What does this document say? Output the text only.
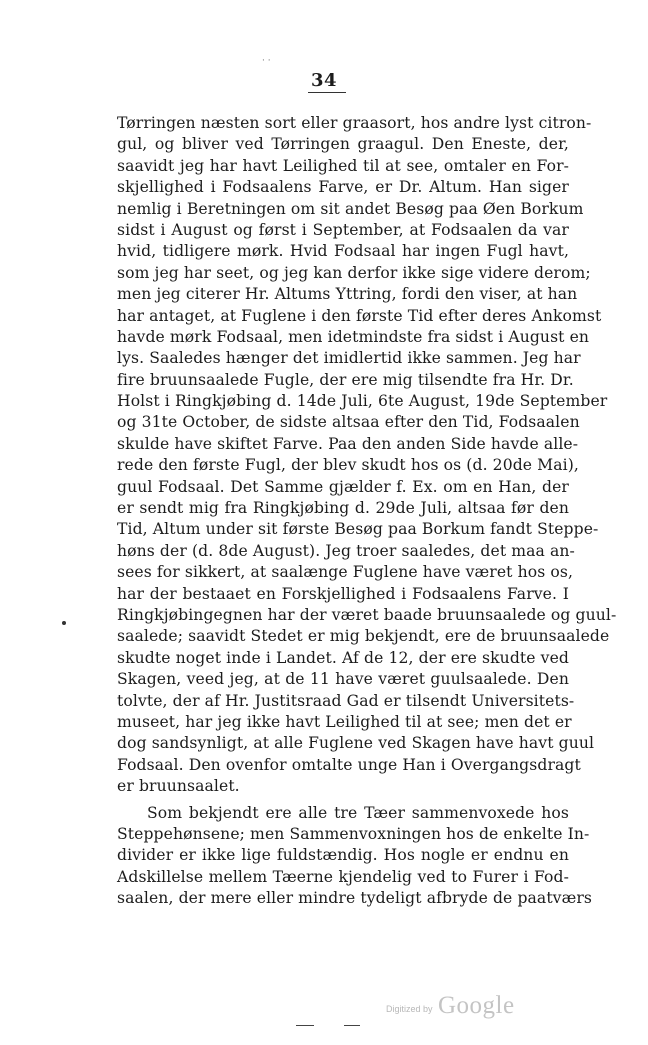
· ·
34
Tørringen næsten sort eller graasort, hos andre lyst citron-
gul, og bliver ved Tørringen graagul. Den Eneste, der,
saavidt jeg har havt Leilighed til at see, omtaler en For-
skjellighed i Fodsaalens Farve, er Dr. Altum. Han siger
nemlig i Beretningen om sit andet Besøg paa Øen Borkum
sidst i August og først i September, at Fodsaalen da var
hvid, tidligere mørk. Hvid Fodsaal har ingen Fugl havt,
som jeg har seet, og jeg kan derfor ikke sige videre derom;
men jeg citerer Hr. Altums Yttring, fordi den viser, at han
har antaget, at Fuglene i den første Tid efter deres Ankomst
havde mørk Fodsaal, men idetmindste fra sidst i August en
lys. Saaledes hænger det imidlertid ikke sammen. Jeg har
fire bruunsaalede Fugle, der ere mig tilsendte fra Hr. Dr.
Holst i Ringkjøbing d. 14de Juli, 6te August, 19de September
og 31te October, de sidste altsaa efter den Tid, Fodsaalen
skulde have skiftet Farve. Paa den anden Side havde alle-
rede den første Fugl, der blev skudt hos os (d. 20de Mai),
guul Fodsaal. Det Samme gjælder f. Ex. om en Han, der
er sendt mig fra Ringkjøbing d. 29de Juli, altsaa før den
Tid, Altum under sit første Besøg paa Borkum fandt Steppe-
høns der (d. 8de August). Jeg troer saaledes, det maa an-
sees for sikkert, at saalænge Fuglene have været hos os,
har der bestaaet en Forskjellighed i Fodsaalens Farve. I
Ringkjøbingegnen har der været baade bruunsaalede og guul-
saalede; saavidt Stedet er mig bekjendt, ere de bruunsaalede
skudte noget inde i Landet. Af de 12, der ere skudte ved
Skagen, veed jeg, at de 11 have været guulsaalede. Den
tolvte, der af Hr. Justitsraad Gad er tilsendt Universitets-
museet, har jeg ikke havt Leilighed til at see; men det er
dog sandsynligt, at alle Fuglene ved Skagen have havt guul
Fodsaal. Den ovenfor omtalte unge Han i Overgangsdragt
er bruunsaalet.
Som bekjendt ere alle tre Tæer sammenvoxede hos
Steppehønsene; men Sammenvoxningen hos de enkelte In-
divider er ikke lige fuldstændig. Hos nogle er endnu en
Adskillelse mellem Tæerne kjendelig ved to Furer i Fod-
saalen, der mere eller mindre tydeligt afbryde de paatværs
Digitized by Google
